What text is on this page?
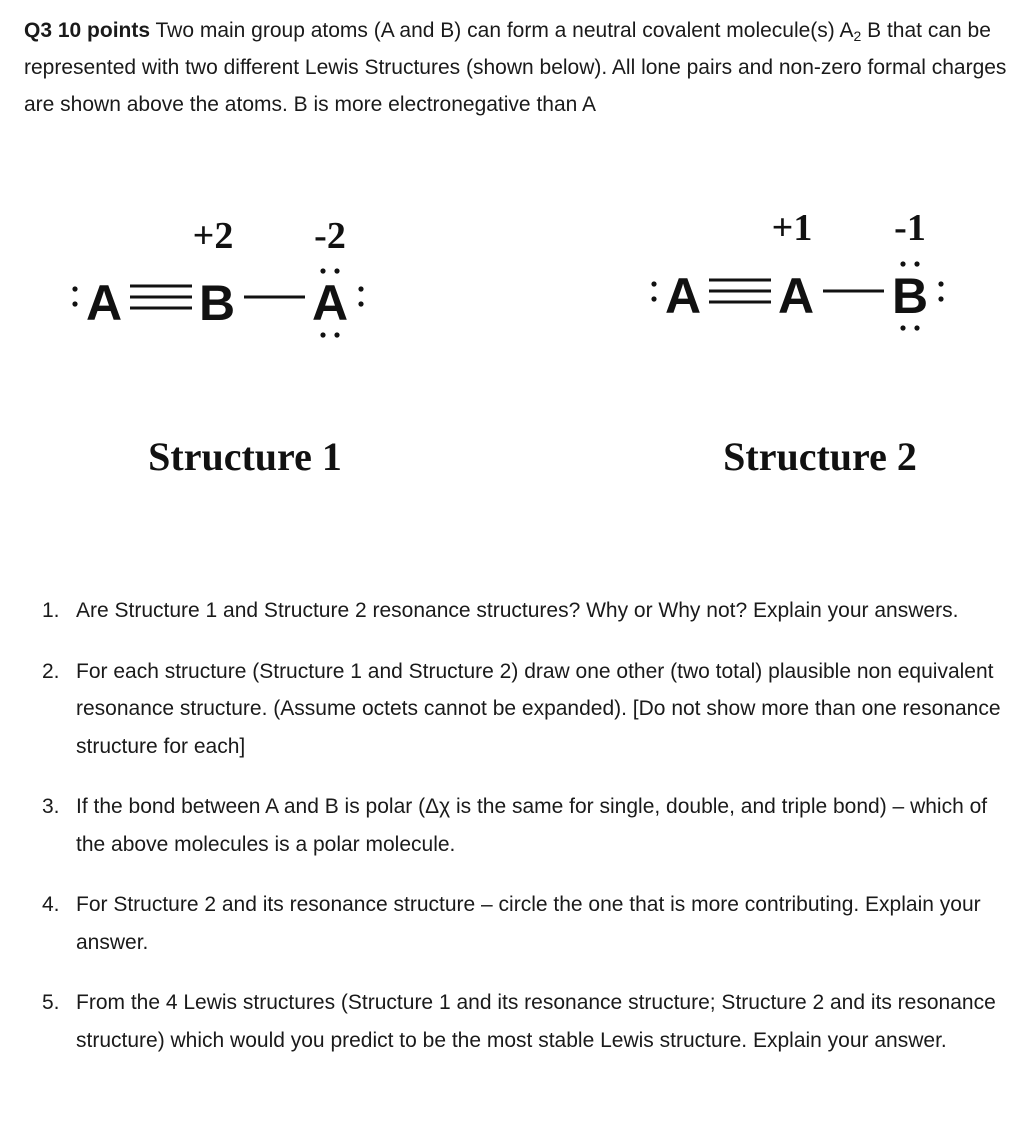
Q3 10 points Two main group atoms (A and B) can form a neutral covalent molecule(s) $A_2$ B that can be represented with two different Lewis Structures (shown below). All lone pairs and non-zero formal charges are shown above the atoms. B is more electronegative than A
+2 -2
A B A
Structure 1
+1 -1
A A B
Structure 2
1. Are Structure 1 and Structure 2 resonance structures? Why or Why not? Explain your answers.
2. For each structure (Structure 1 and Structure 2) draw one other (two total) plausible non equivalent resonance structure. (Assume octets cannot be expanded). [Do not show more than one resonance structure for each]
3. If the bond between A and B is polar (Δχ is the same for single, double, and triple bond) – which of the above molecules is a polar molecule.
4. For Structure 2 and its resonance structure – circle the one that is more contributing. Explain your answer.
5. From the 4 Lewis structures (Structure 1 and its resonance structure; Structure 2 and its resonance structure) which would you predict to be the most stable Lewis structure. Explain your answer.
